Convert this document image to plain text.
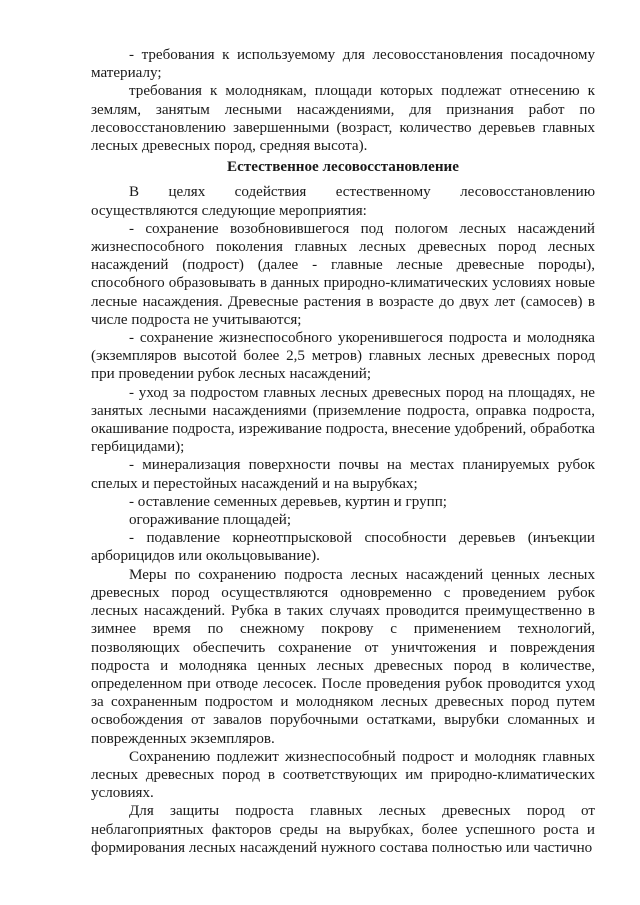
- требования к используемому для лесовосстановления посадочному материалу;

требования к молоднякам, площади которых подлежат отнесению к землям, занятым лесными насаждениями, для признания работ по лесовосстановлению завершенными (возраст, количество деревьев главных лесных древесных пород, средняя высота).

Естественное лесовосстановление

В целях содействия естественному лесовосстановлению осуществляются следующие мероприятия:

- сохранение возобновившегося под пологом лесных насаждений жизнеспособного поколения главных лесных древесных пород лесных насаждений (подрост) (далее - главные лесные древесные породы), способного образовывать в данных природно-климатических условиях новые лесные насаждения. Древесные растения в возрасте до двух лет (самосев) в числе подроста не учитываются;

- сохранение жизнеспособного укоренившегося подроста и молодняка (экземпляров высотой более 2,5 метров) главных лесных древесных пород при проведении рубок лесных насаждений;

- уход за подростом главных лесных древесных пород на площадях, не занятых лесными насаждениями (приземление подроста, оправка подроста, окашивание подроста, изреживание подроста, внесение удобрений, обработка гербицидами);

- минерализация поверхности почвы на местах планируемых рубок спелых и перестойных насаждений и на вырубках;

- оставление семенных деревьев, куртин и групп;

огораживание площадей;

- подавление корнеотпрысковой способности деревьев (инъекции арборицидов или окольцовывание).

Меры по сохранению подроста лесных насаждений ценных лесных древесных пород осуществляются одновременно с проведением рубок лесных насаждений. Рубка в таких случаях проводится преимущественно в зимнее время по снежному покрову с применением технологий, позволяющих обеспечить сохранение от уничтожения и повреждения подроста и молодняка ценных лесных древесных пород в количестве, определенном при отводе лесосек. После проведения рубок проводится уход за сохраненным подростом и молодняком лесных древесных пород путем освобождения от завалов порубочными остатками, вырубки сломанных и поврежденных экземпляров.

Сохранению подлежит жизнеспособный подрост и молодняк главных лесных древесных пород в соответствующих им природно-климатических условиях.

Для защиты подроста главных лесных древесных пород от неблагоприятных факторов среды на вырубках, более успешного роста и формирования лесных насаждений нужного состава полностью или частично
